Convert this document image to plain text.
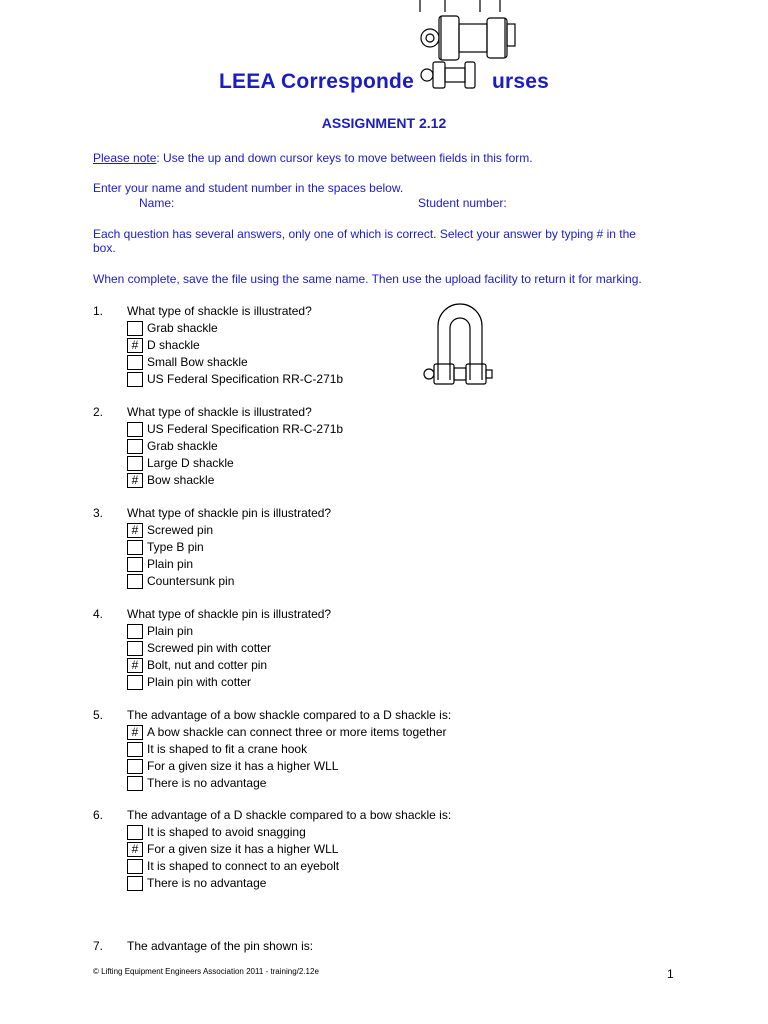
LEEA Corresponde	urses
ASSIGNMENT 2.12
Please note: Use the up and down cursor keys to move between fields in this form.
Enter your name and student number in the spaces below.
Name:	Student number:
Each question has several answers, only one of which is correct. Select your answer by typing # in the
box.
When complete, save the file using the same name. Then use the upload facility to return it for marking.
1.	What type of shackle is illustrated?
Grab shackle
# D shackle
Small Bow shackle
US Federal Specification RR-C-271b
2.	What type of shackle is illustrated?
US Federal Specification RR-C-271b
Grab shackle
Large D shackle
# Bow shackle
3.	What type of shackle pin is illustrated?
# Screwed pin
Type B pin
Plain pin
Countersunk pin
4.	What type of shackle pin is illustrated?
Plain pin
Screwed pin with cotter
# Bolt, nut and cotter pin
Plain pin with cotter
5.	The advantage of a bow shackle compared to a D shackle is:
# A bow shackle can connect three or more items together
It is shaped to fit a crane hook
For a given size it has a higher WLL
There is no advantage
6.	The advantage of a D shackle compared to a bow shackle is:
It is shaped to avoid snagging
# For a given size it has a higher WLL
It is shaped to connect to an eyebolt
There is no advantage
7.	The advantage of the pin shown is:
© Lifting Equipment Engineers Association 2011 - training/2.12e	1
